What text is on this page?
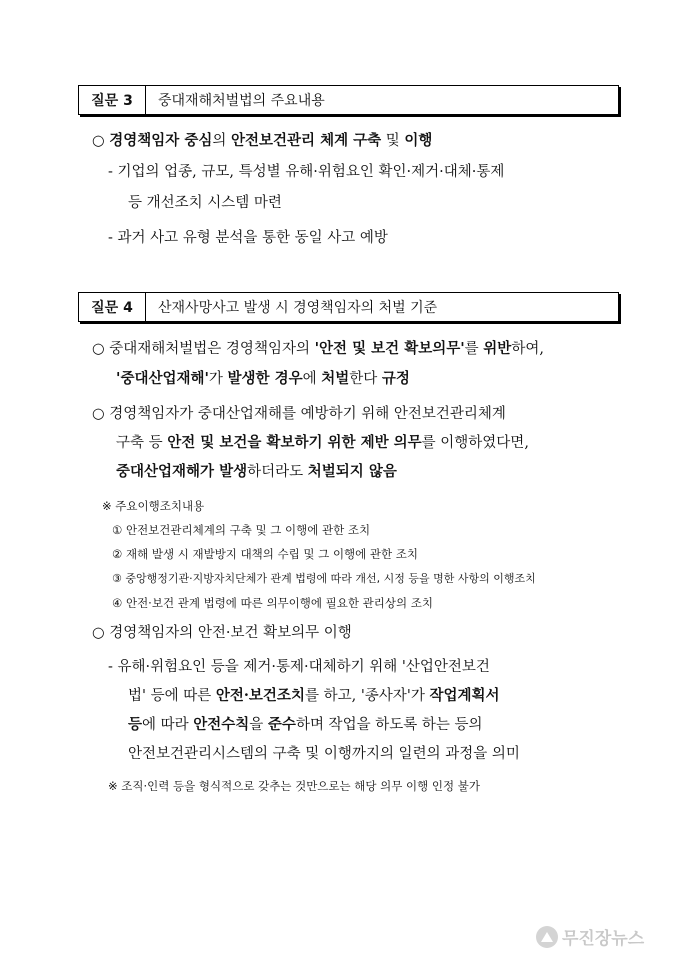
질문 3	중대재해처벌법의 주요내용
○ 경영책임자 중심의 안전보건관리 체계 구축 및 이행
- 기업의 업종, 규모, 특성별 유해·위험요인 확인·제거·대체·통제
등 개선조치 시스템 마련
- 과거 사고 유형 분석을 통한 동일 사고 예방
질문 4	산재사망사고 발생 시 경영책임자의 처벌 기준
○ 중대재해처벌법은 경영책임자의 '안전 및 보건 확보의무'를 위반하여,
'중대산업재해'가 발생한 경우에 처벌한다 규정
○ 경영책임자가 중대산업재해를 예방하기 위해 안전보건관리체계
구축 등 안전 및 보건을 확보하기 위한 제반 의무를 이행하였다면,
중대산업재해가 발생하더라도 처벌되지 않음
※ 주요이행조치내용
① 안전보건관리체계의 구축 및 그 이행에 관한 조치
② 재해 발생 시 재발방지 대책의 수립 및 그 이행에 관한 조치
③ 중앙행정기관·지방자치단체가 관계 법령에 따라 개선, 시정 등을 명한 사항의 이행조치
④ 안전·보건 관계 법령에 따른 의무이행에 필요한 관리상의 조치
○ 경영책임자의 안전·보건 확보의무 이행
- 유해·위험요인 등을 제거·통제·대체하기 위해 '산업안전보건
법' 등에 따른 안전·보건조치를 하고, '종사자'가 작업계획서
등에 따라 안전수칙을 준수하며 작업을 하도록 하는 등의
안전보건관리시스템의 구축 및 이행까지의 일련의 과정을 의미
※ 조직·인력 등을 형식적으로 갖추는 것만으로는 해당 의무 이행 인정 불가
무진장뉴스
